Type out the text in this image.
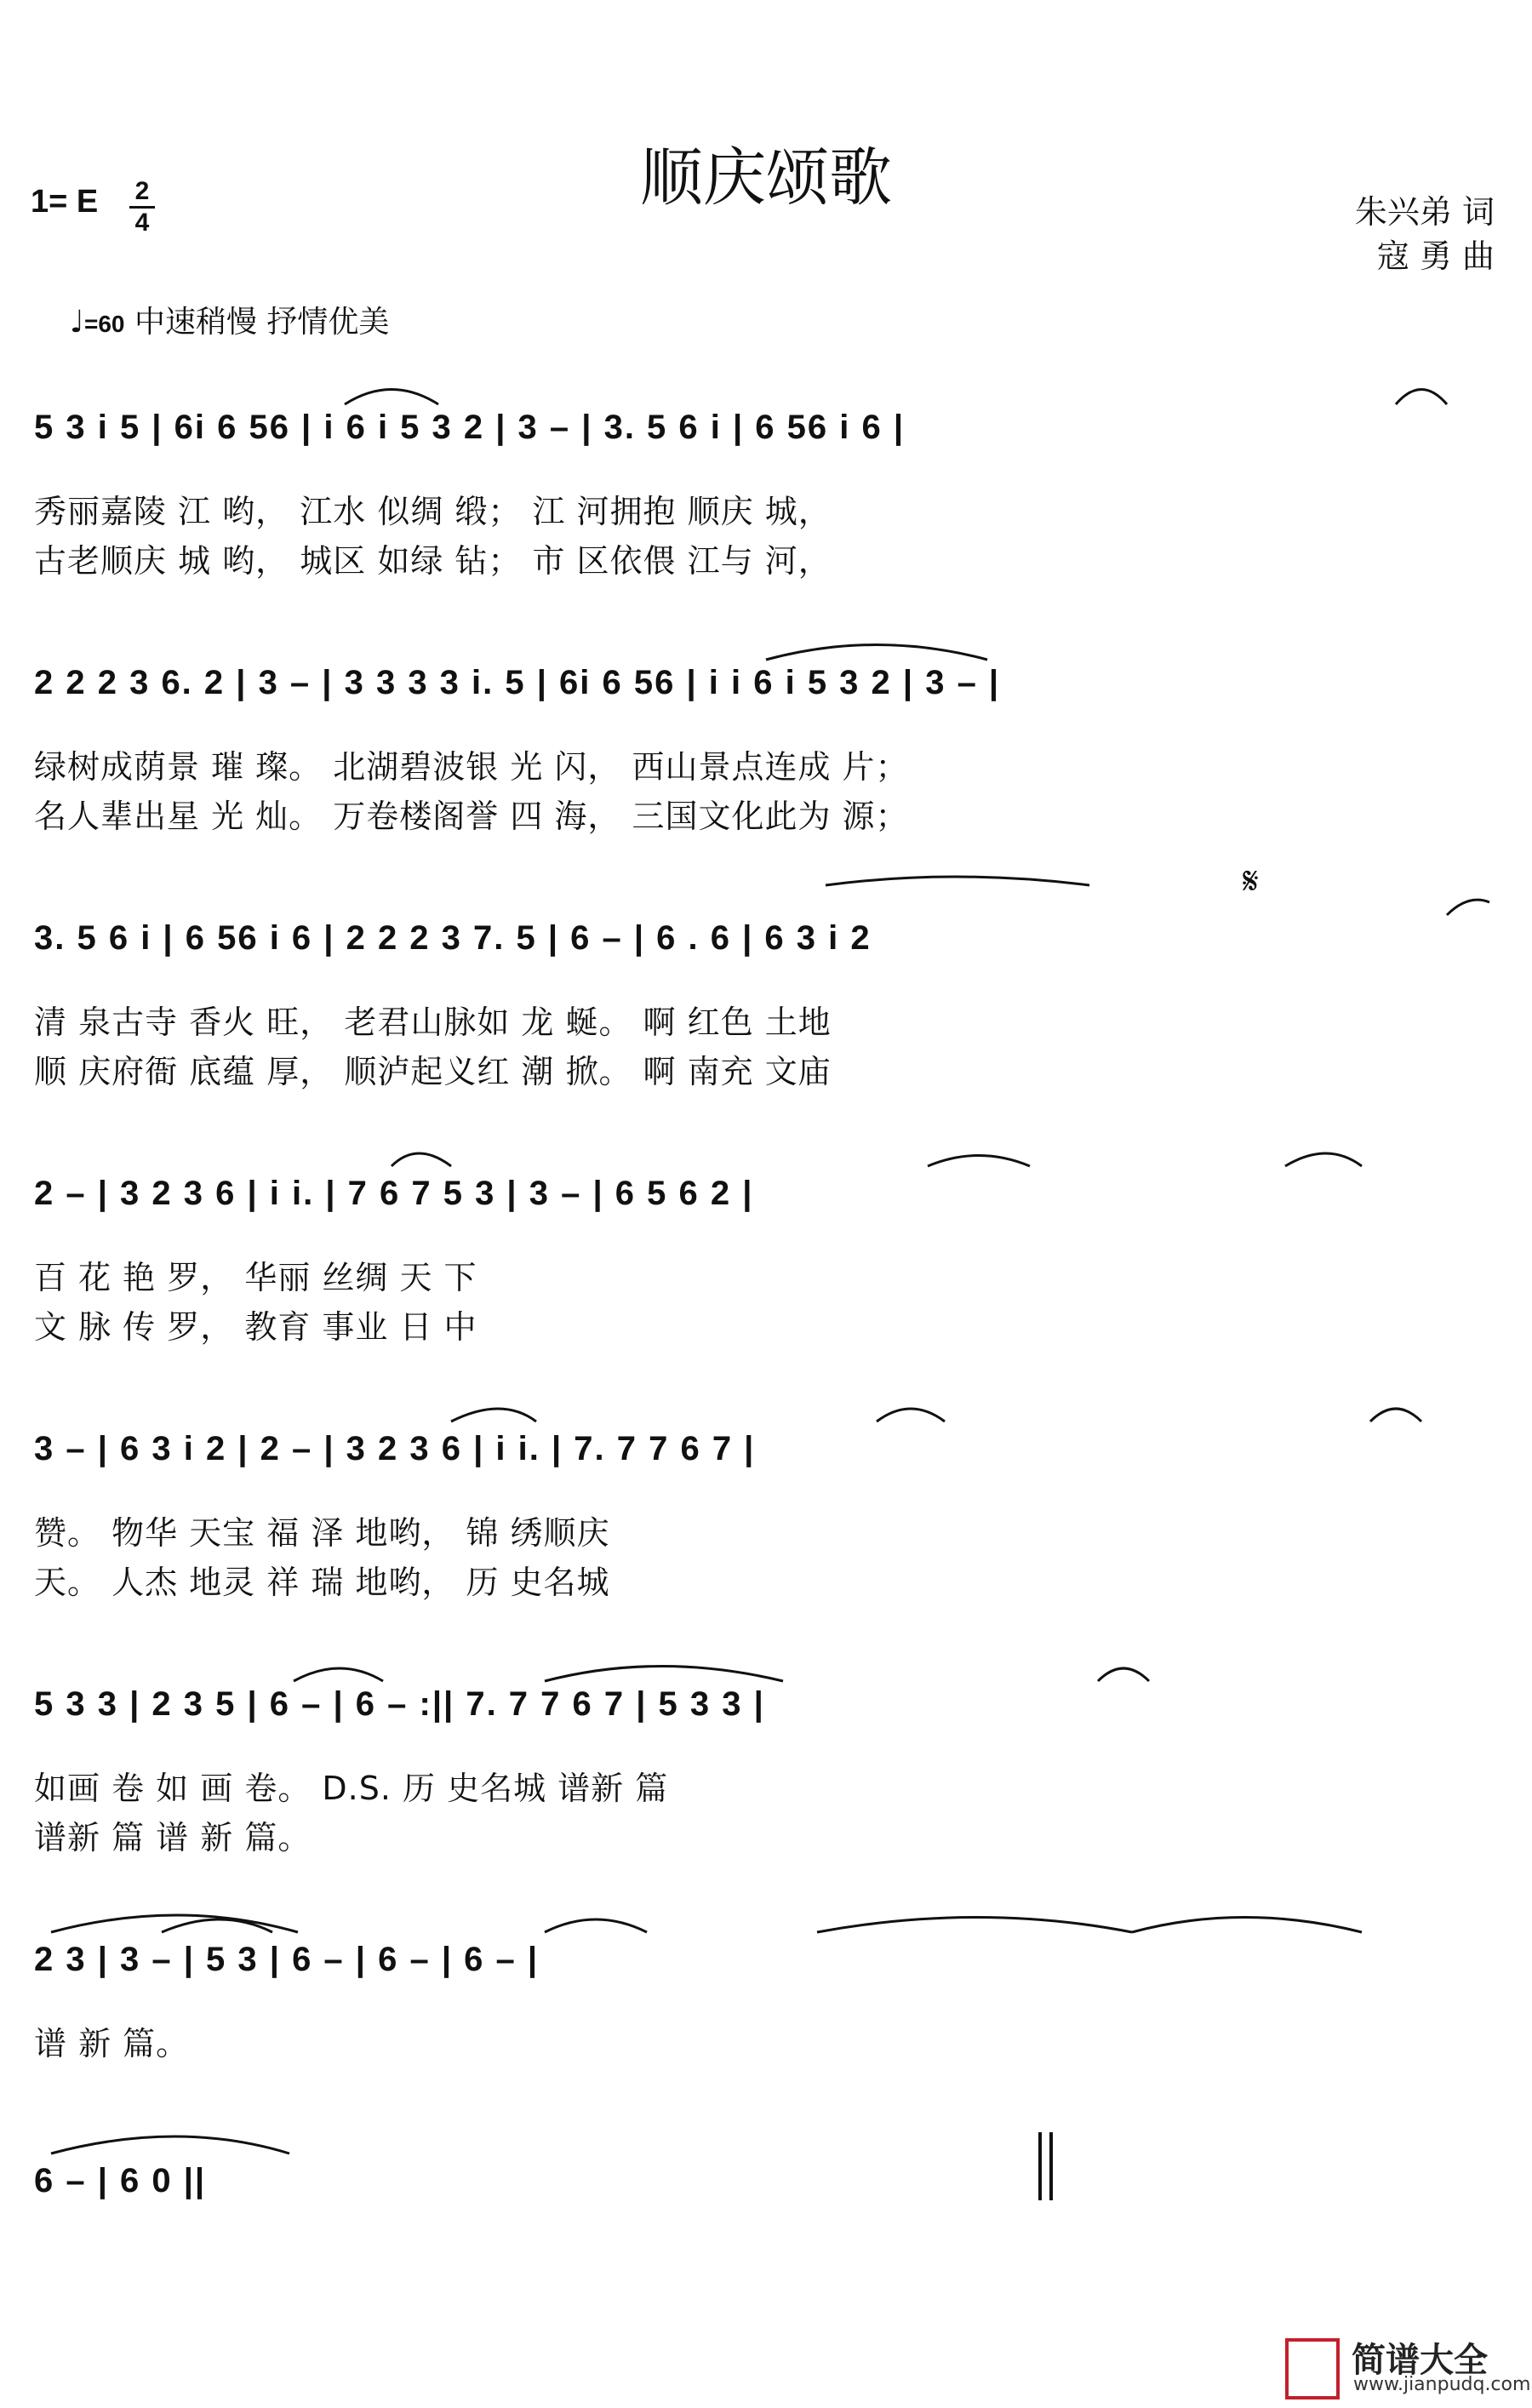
顺庆颂歌
1= E 2
4	朱兴弟 词
寇 勇 曲
♩=60 中速稍慢 抒情优美
5 3 i 5 | 6i 6 56 | i 6 i 5 3 2 | 3 – | 3. 5 6 i | 6 56 i 6 |
秀丽嘉陵 江 哟， 江水 似绸 缎； 江 河拥抱 顺庆 城，
古老顺庆 城 哟， 城区 如绿 钻； 市 区依偎 江与 河，
2 2 2 3 6. 2 | 3 – | 3 3 3 3 i. 5 | 6i 6 56 | i i 6 i 5 3 2 | 3 – |
绿树成荫景 璀 璨。 北湖碧波银 光 闪， 西山景点连成 片；
名人辈出星 光 灿。 万卷楼阁誉 四 海， 三国文化此为 源；
3. 5 6 i | 6 56 i 6 | 2 2 2 3 7. 5 | 6 – | 6 . 6 | 6 3 i 2
清 泉古寺 香火 旺， 老君山脉如 龙 蜒。 啊 红色 土地
顺 庆府衙 底蕴 厚， 顺泸起义红 潮 掀。 啊 南充 文庙
𝄋
2 – | 3 2 3 6 | i i. | 7 6 7 5 3 | 3 – | 6 5 6 2 |
百 花 艳 罗， 华丽 丝绸 天 下
文 脉 传 罗， 教育 事业 日 中
3 – | 6 3 i 2 | 2 – | 3 2 3 6 | i i. | 7. 7 7 6 7 |
赞。 物华 天宝 福 泽 地哟， 锦 绣顺庆
天。 人杰 地灵 祥 瑞 地哟， 历 史名城
5 3 3 | 2 3 5 | 6 – | 6 – :|| 7. 7 7 6 7 | 5 3 3 |
如画 卷 如 画 卷。 D.S. 历 史名城 谱新 篇
谱新 篇 谱 新 篇。
2 3 | 3 – | 5 3 | 6 – | 6 – | 6 – |
谱 新 篇。
6 – | 6 0 ||
简谱大全
www.jianpudq.com
